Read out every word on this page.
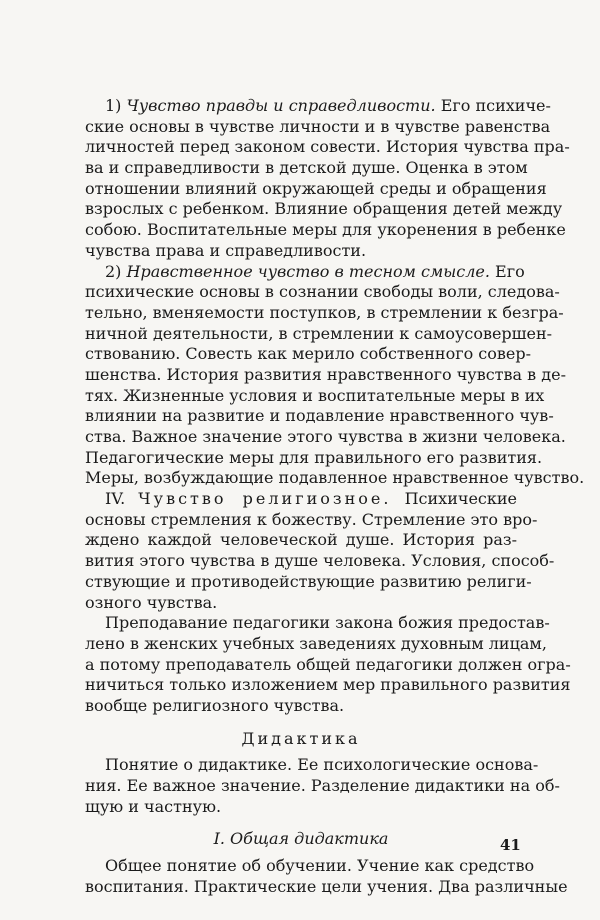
1) Чувство правды и справедливости. Его психиче-
ские основы в чувстве личности и в чувстве равенства
личностей перед законом совести. История чувства пра-
ва и справедливости в детской душе. Оценка в этом
отношении влияний окружающей среды и обращения
взрослых с ребенком. Влияние обращения детей между
собою. Воспитательные меры для укоренения в ребенке
чувства права и справедливости.
2) Нравственное чувство в тесном смысле. Его
психические основы в сознании свободы воли, следова-
тельно, вменяемости поступков, в стремлении к безгра-
ничной деятельности, в стремлении к самоусовершен-
ствованию. Совесть как мерило собственного совер-
шенства. История развития нравственного чувства в де-
тях. Жизненные условия и воспитательные меры в их
влиянии на развитие и подавление нравственного чув-
ства. Важное значение этого чувства в жизни человека.
Педагогические меры для правильного его развития.
Меры, возбуждающие подавленное нравственное чувство.
IV. Чувство религиозное. Психические
основы стремления к божеству. Стремление это вро-
ждено каждой человеческой душе. История раз-
вития этого чувства в душе человека. Условия, способ-
ствующие и противодействующие развитию религи-
озного чувства.
Преподавание педагогики закона божия предостав-
лено в женских учебных заведениях духовным лицам,
а потому преподаватель общей педагогики должен огра-
ничиться только изложением мер правильного развития
вообще религиозного чувства.
Дидактика
Понятие о дидактике. Ее психологические основа-
ния. Ее важное значение. Разделение дидактики на об-
щую и частную.
I. Общая дидактика
Общее понятие об обучении. Учение как средство
воспитания. Практические цели учения. Два различные
41
